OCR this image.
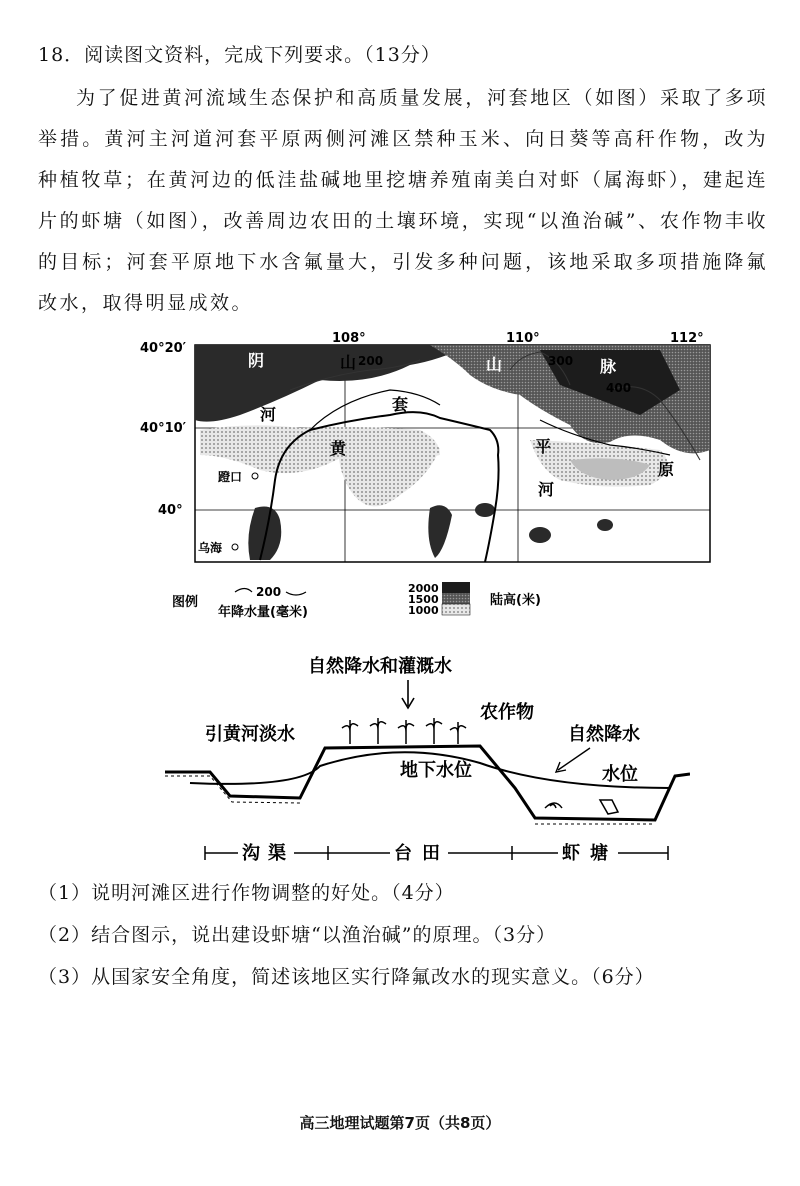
18．阅读图文资料，完成下列要求。（13分）
为了促进黄河流域生态保护和高质量发展，河套地区（如图）采取了多项举措。黄河主河道河套平原两侧河滩区禁种玉米、向日葵等高秆作物，改为种植牧草；在黄河边的低洼盐碱地里挖塘养殖南美白对虾（属海虾），建起连片的虾塘（如图），改善周边农田的土壤环境，实现“以渔治碱”、农作物丰收的目标；河套平原地下水含氟量大，引发多种问题，该地采取多项措施降氟改水，取得明显成效。
40°20′
40°10′
40°
108°	110°	112°
阴	山 200	山	300 脉
400
河
黄
套
平
河
原
蹬口
乌海
图例
200
年降水量(毫米)
2000
1500
1000
陆高(米)
自然降水和灌溉水
引黄河淡水
农作物
自然降水
水位
地下水位
沟渠	台田	虾塘
（1）说明河滩区进行作物调整的好处。（4分）
（2）结合图示，说出建设虾塘“以渔治碱”的原理。（3分）
（3）从国家安全角度，简述该地区实行降氟改水的现实意义。（6分）
高三地理试题第7页（共8页）
